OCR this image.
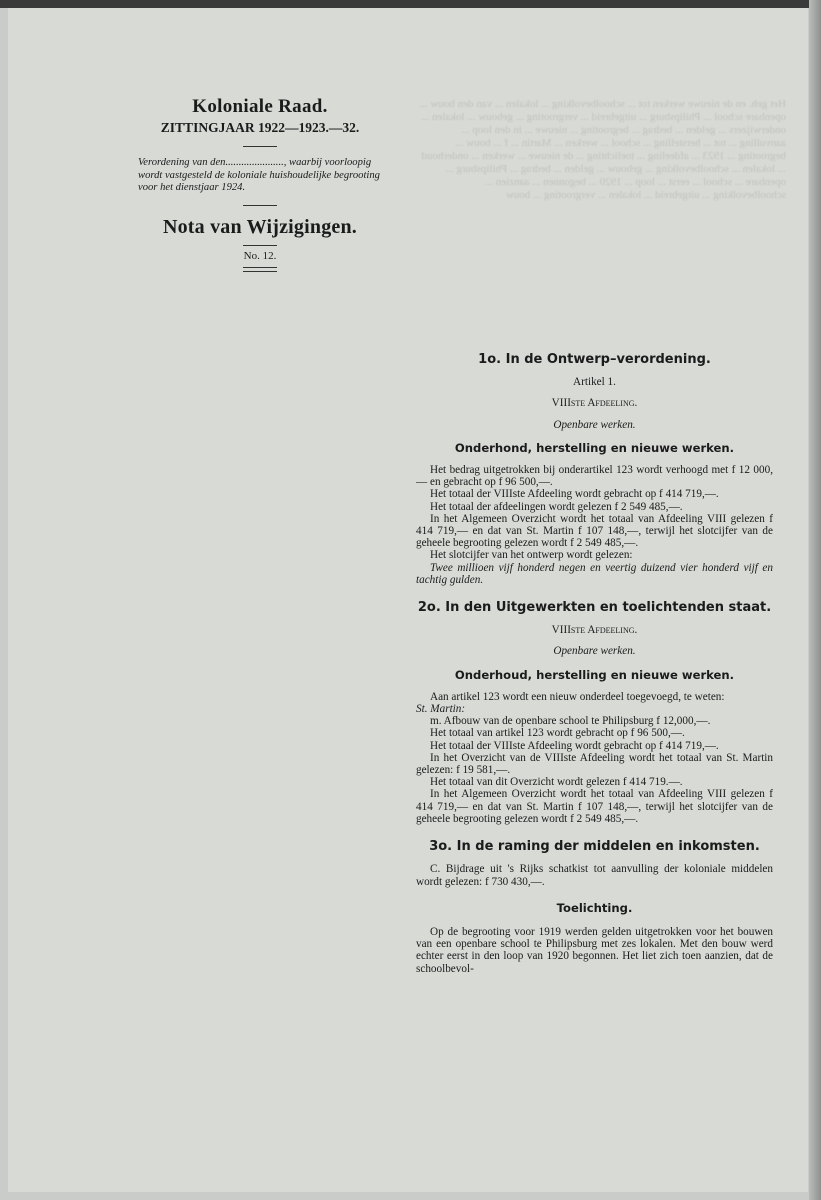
Het geh. en de nieuwe werken tot ... schoolbevolking ... lokalen ... van den bouw ... openbare school ... Philipsburg ... uitgebreid ... vergrooting ... gebouw ... lokalen ... onderwijzers ... gelden ... bedrag ... begrooting ... nieuwe ... in den loop ... aanvulling ... tot ... herstelling ... school ... werken ... Martin ... f ... bouw ... begrooting ... 1923 ... afdeeling ... toelichting ... de nieuwe ... werken ... onderhoud ... lokalen ... schoolbevolking ... gebouw ... gelden ... bedrag ... Philipsburg ... openbare ... school ... eerst ... loop ... 1920 ... begonnen ... aanzien ... schoolbevolking ... uitgebreid ... lokalen ... vergrooting ... bouw
Koloniale Raad.
ZITTINGJAAR 1922—1923.—32.
Verordening van den......................, waarbij voorloopig wordt vastgesteld de koloniale huishoudelijke begrooting voor het dienstjaar 1924.
Nota van Wijzigingen.
No. 12.
1o. In de Ontwerp–verordening.
Artikel 1.
VIIIste Afdeeling.
Openbare werken.
Onderhond, herstelling en nieuwe werken.

Het bedrag uitgetrokken bij onderartikel 123 wordt verhoogd met f 12 000,— en gebracht op f 96 500,—.

Het totaal der VIIIste Afdeeling wordt gebracht op f 414 719,—.

Het totaal der afdeelingen wordt gelezen f 2 549 485,—.

In het Algemeen Overzicht wordt het totaal van Afdeeling VIII gelezen f 414 719,— en dat van St. Martin f 107 148,—, terwijl het slotcijfer van de geheele begrooting gelezen wordt f 2 549 485,—.

Het slotcijfer van het ontwerp wordt gelezen:

Twee millioen vijf honderd negen en veertig duizend vier honderd vijf en tachtig gulden.

2o. In den Uitgewerkten en toelichtenden staat.
VIIIste Afdeeling.
Openbare werken.
Onderhoud, herstelling en nieuwe werken.

Aan artikel 123 wordt een nieuw onderdeel toegevoegd, te weten:

St. Martin:

m. Afbouw van de openbare school te Philipsburg f 12,000,—.

Het totaal van artikel 123 wordt gebracht op f 96 500,—.

Het totaal der VIIIste Afdeeling wordt gebracht op f 414 719,—.

In het Overzicht van de VIIIste Afdeeling wordt het totaal van St. Martin gelezen: f 19 581,—.

Het totaal van dit Overzicht wordt gelezen f 414 719.—.

In het Algemeen Overzicht wordt het totaal van Afdeeling VIII gelezen f 414 719,— en dat van St. Martin f 107 148,—, terwijl het slotcijfer van de geheele begrooting gelezen wordt f 2 549 485,—.

3o. In de raming der middelen en inkomsten.

C. Bijdrage uit 's Rijks schatkist tot aanvulling der koloniale middelen wordt gelezen: f 730 430,—.

Toelichting.

Op de begrooting voor 1919 werden gelden uitgetrokken voor het bouwen van een openbare school te Philipsburg met zes lokalen. Met den bouw werd echter eerst in den loop van 1920 begonnen. Het liet zich toen aanzien, dat de schoolbevol-
